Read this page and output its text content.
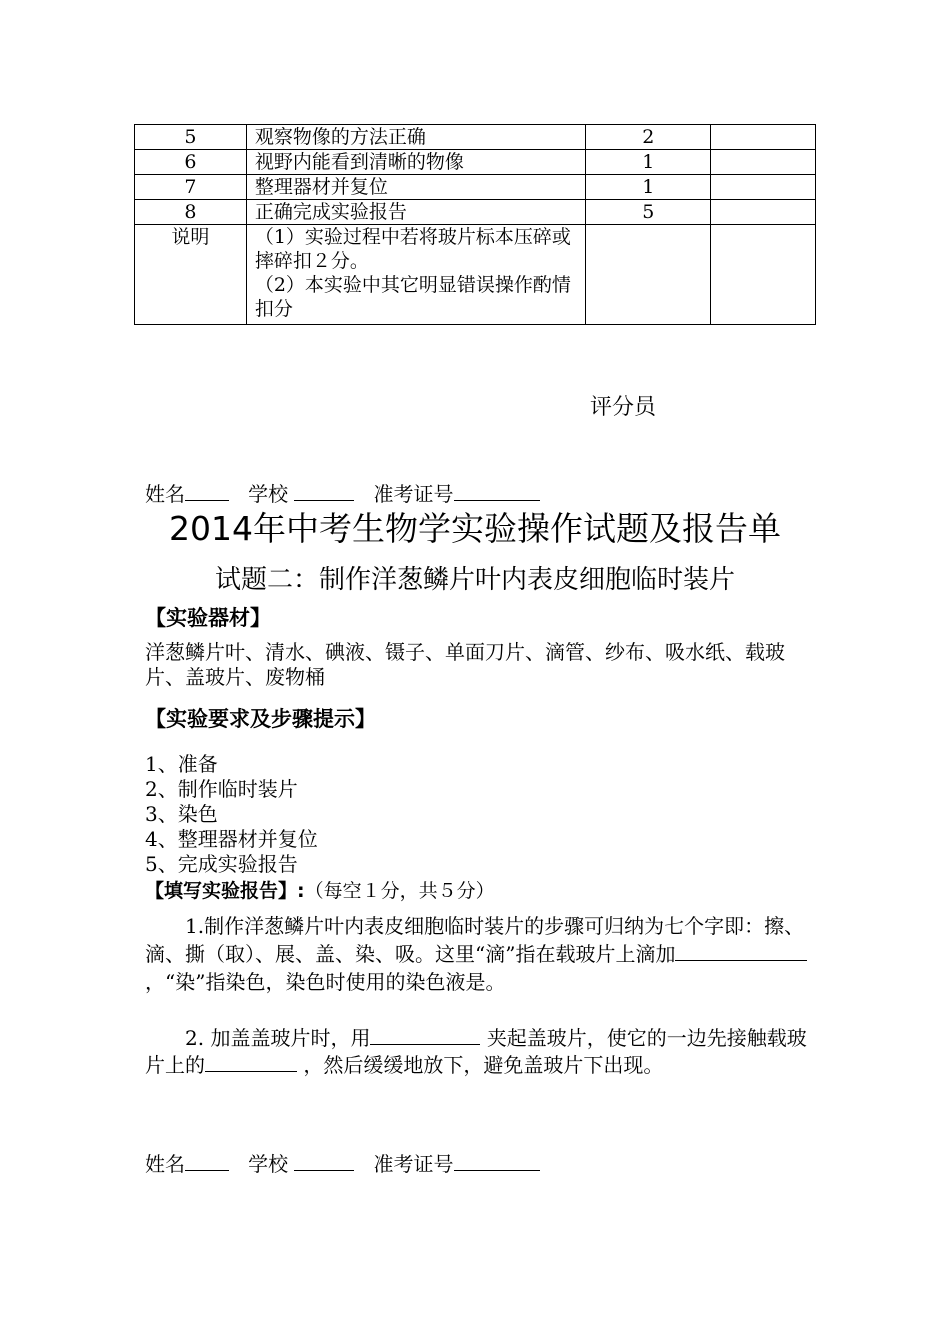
5	观察物像的方法正确	2	
6	视野内能看到清晰的物像	1	
7	整理器材并复位	1	
8	正确完成实验报告	5	
说明	（1）实验过程中若将玻片标本压碎或摔碎扣２分。
（2）本实验中其它明显错误操作酌情扣分		

评分员
姓名	学校	准考证号
2014年中考生物学实验操作试题及报告单
试题二：制作洋葱鳞片叶内表皮细胞临时装片
【实验器材】

洋葱鳞片叶、清水、碘液、镊子、单面刀片、滴管、纱布、吸水纸、载玻片、盖玻片、废物桶

【实验要求及步骤提示】
1、准备
2、制作临时装片
3、染色
4、整理器材并复位
5、完成实验报告
【填写实验报告】:（每空１分，共５分）
1.制作洋葱鳞片叶内表皮细胞临时装片的步骤可归纳为七个字即：擦、滴、撕（取）、展、盖、染、吸。这里“滴”指在载玻片上滴加，“染”指染色，染色时使用的染色液是。
2. 加盖盖玻片时，用	夹起盖玻片，使它的一边先接触载玻片上的	，然后缓缓地放下，避免盖玻片下出现。
姓名	学校	准考证号
